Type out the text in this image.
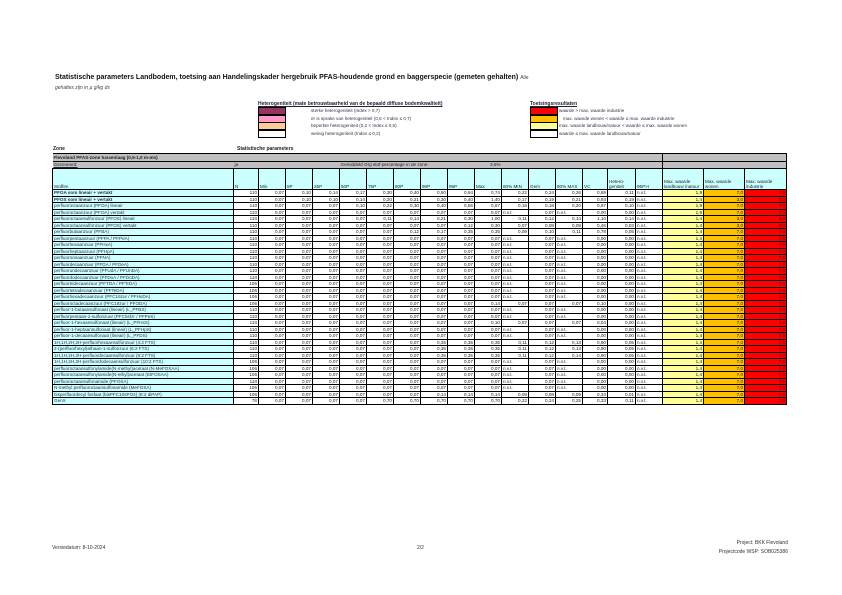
Statistische parameters Landbodem, toetsing aan Handelingskader hergebruik PFAS-houdende grond en baggerspecie (gemeten gehalten) Alle
gehaltes zijn in µ g/kg ds
Heterogeniteit (mate betrouwbaarheid van de bepaald diffuse bodemkwaliteit)
sterke heterogeniteit (Index > 0,7)
er is sprake van heterogeniteit (0,5 < Index ≤ 0,7)
beperkte heterogeniteit (0,2 < Index ≤ 0,5)
weinig heterogeniteit (Index ≤ 0,2)
Toetsingsresultaten
waarde > max. waarde industrie
max. waarde wonen < waarde ≤ max. waarde industrie
max. waarde landbouw/natuur < waarde ≤ max. waarde wonen
waarde ≤ max. waarde landbouw/natuur
Zone	Statistische parameters
Flevoland PFAS-zone tussenlaag (0,5-1,0 m-mv)																			
Gezoneerd:	ja				Gemiddeld Org stof-percentage in de zone:					3,6%									
Stoffen	N	Min	5P	25P	50P	75P	80P	90P	95P	Max	80% MIN	Gem	80% MAX	VC	Hetero-geniteit	95P>I	Max. waarde landbouw /natuur	Max. waarde wonen	Max. waarde industrie
PFOA som lineair + vertakt	110	0,07	0,10	0,14	0,17	0,30	0,40	0,50	0,64	0,74	0,22	0,24	0,26	0,69	0,11	n.v.t.	1,9	7,0	7,0
PFOS som lineair + vertakt	110	0,07	0,10	0,10	0,14	0,20	0,21	0,30	0,40	1,40	0,17	0,19	0,21	0,93	0,19	n.v.t.	1,4	3,0	3,0
perfluoroctaanzuur (PFOA) lineair	110	0,07	0,07	0,07	0,10	0,22	0,30	0,40	0,56	0,67	0,16	0,18	0,20	0,87	0,10	n.v.t.	1,9	7,0	7,0
perfluoroctaanzuur (PFOA) vertakt	110	0,07	0,07	0,07	0,07	0,07	0,07	0,07	0,07	0,07	n.v.t.	0,07	n.v.t.	0,00	0,00	n.v.t.	1,9	7,0	7,0
perfluoroctaansulfonzuur (PFOS) lineair	110	0,07	0,07	0,07	0,07	0,11	0,14	0,21	0,30	1,00	0,11	0,12	0,14	1,10	0,14	n.v.t.	1,4	3,0	3,0
perfluoroctaansulfonzuur (PFOS) vertakt	110	0,07	0,07	0,07	0,07	0,07	0,07	0,07	0,12	0,30	0,07	0,08	0,08	0,46	0,03	n.v.t.	1,4	3,0	3,0
perfluorbutaanzuur (PFBA)	110	0,07	0,07	0,07	0,07	0,07	0,12	0,17	0,35	0,35	0,09	0,10	0,11	0,78	0,05	n.v.t.	1,4	7,0	7,0
perfluorpentaanzuur (PFPA / PFPeA)	110	0,07	0,07	0,07	0,07	0,07	0,07	0,07	0,07	0,07	n.v.t.	0,07	n.v.t.	0,00	0,00	n.v.t.	1,4	7,0	7,0
perfluorhexaanzuur (PFHxA)	110	0,07	0,07	0,07	0,07	0,07	0,07	0,07	0,07	0,07	n.v.t.	0,07	n.v.t.	0,00	0,00	n.v.t.	1,4	7,0	7,0
perfluorheptaanzuur (PFHpA)	110	0,07	0,07	0,07	0,07	0,07	0,07	0,07	0,07	0,07	n.v.t.	0,07	n.v.t.	0,00	0,00	n.v.t.	1,4	7,0	7,0
perfluornonaanzuur (PFNA)	110	0,07	0,07	0,07	0,07	0,07	0,07	0,07	0,07	0,07	n.v.t.	0,07	n.v.t.	0,00	0,00	n.v.t.	1,4	7,0	7,0
perfluordecaanzuur (PFDA / PFDeA)	110	0,07	0,07	0,07	0,07	0,07	0,07	0,07	0,07	0,07	n.v.t.	0,07	n.v.t.	0,00	0,00	n.v.t.	1,4	7,0	7,0
perfluorundecaanzuur (PFUdA / PFUnDA)	110	0,07	0,07	0,07	0,07	0,07	0,07	0,07	0,07	0,07	n.v.t.	0,07	n.v.t.	0,00	0,00	n.v.t.	1,4	7,0	7,0
perfluordodecaanzuur (PFDoA / PFDoDA)	110	0,07	0,07	0,07	0,07	0,07	0,07	0,07	0,07	0,07	n.v.t.	0,07	n.v.t.	0,00	0,00	n.v.t.	1,4	7,0	7,0
perfluortridecaanzuur (PFTDA / PFTrDA)	106	0,07	0,07	0,07	0,07	0,07	0,07	0,07	0,07	0,07	n.v.t.	0,07	n.v.t.	0,00	0,00	n.v.t.	1,4	7,0	7,0
perfluortetradecaanzuur (PFTeDA)	106	0,07	0,07	0,07	0,07	0,07	0,07	0,07	0,07	0,07	n.v.t.	0,07	n.v.t.	0,00	0,00	n.v.t.	1,4	7,0	7,0
perfluorhexadecaanzuur (PFC16zur / PFHxDA)	106	0,07	0,07	0,07	0,07	0,07	0,07	0,07	0,07	0,07	n.v.t.	0,07	n.v.t.	0,00	0,00	n.v.t.	1,4	7,0	7,0
perfluoroctadecaanzuur (PFC18zur / PFODA)	106	0,07	0,07	0,07	0,07	0,07	0,07	0,07	0,07	0,14	0,07	0,07	0,07	0,10	0,00	n.v.t.	1,4	7,0	7,0
perfluor-1-butaansulfonaat (lineair) (L_PFBS)	110	0,07	0,07	0,07	0,07	0,07	0,07	0,07	0,07	0,07	n.v.t.	0,07	n.v.t.	0,00	0,00	n.v.t.	1,4	7,0	7,0
perfluorpentaan-1-sulfonzuur (PFC5sfzr / PFPeS)	110	0,07	0,07	0,07	0,07	0,07	0,07	0,07	0,07	0,07	n.v.t.	0,07	n.v.t.	0,00	0,00	n.v.t.	1,4	7,0	7,0
perfluor-1-hexaansulfonaat (lineair) (L_PFHxS)	110	0,07	0,07	0,07	0,07	0,07	0,07	0,07	0,07	0,10	0,07	0,07	0,07	0,04	0,00	n.v.t.	1,4	7,0	7,0
perfluor-1-heptaansulfonaat (lineair) (L_PFHpS)	110	0,07	0,07	0,07	0,07	0,07	0,07	0,07	0,07	0,07	n.v.t.	0,07	n.v.t.	0,00	0,00	n.v.t.	1,4	7,0	7,0
perfluor-1-decaansulfonaat (lineair) (L_PFDS)	110	0,07	0,07	0,07	0,07	0,07	0,07	0,07	0,07	0,07	n.v.t.	0,07	n.v.t.	0,00	0,00	n.v.t.	1,4	7,0	7,0
1H,1H,2H,2H-perfluorhexaansulfonzuur (4:2 FTS)	110	0,07	0,07	0,07	0,07	0,07	0,07	0,35	0,35	0,35	0,11	0,12	0,13	0,90	0,05	n.v.t.	1,4	7,0	7,0
2-(perfluorhexyl)ethaan-1-sulfonzuur (6:2 FTS)	110	0,07	0,07	0,07	0,07	0,07	0,07	0,35	0,35	0,35	0,11	0,12	0,13	0,90	0,05	n.v.t.	1,4	7,0	7,0
1H,1H,2H,2H-perfluordecaansulfonzuur (8:2 FTS)	110	0,07	0,07	0,07	0,07	0,07	0,07	0,35	0,35	0,35	0,11	0,12	0,14	0,90	0,05	n.v.t.	1,4	7,0	7,0
1H,1H,2H,2H-perfluordodecaansulfonzuur (10:2 FTS)	106	0,07	0,07	0,07	0,07	0,07	0,07	0,07	0,07	0,07	n.v.t.	0,07	n.v.t.	0,00	0,00	n.v.t.	1,4	7,0	7,0
perfluoroctaansulfonylamide(N-methyl)acetaat (N-MeFOSAA)	106	0,07	0,07	0,07	0,07	0,07	0,07	0,07	0,07	0,07	n.v.t.	0,07	n.v.t.	0,00	0,00	n.v.t.	1,4	7,0	7,0
perfluoroctaansulfonylamide(N-ethyl)acetaat (EtFOSAA)	106	0,07	0,07	0,07	0,07	0,07	0,07	0,07	0,07	0,07	n.v.t.	0,07	n.v.t.	0,00	0,00	n.v.t.	1,4	7,0	7,0
perfluoroctaansulfonamide (PFOSA)	110	0,07	0,07	0,07	0,07	0,07	0,07	0,07	0,07	0,07	n.v.t.	0,07	n.v.t.	0,00	0,00	n.v.t.	1,4	7,0	7,0
N-methyl perfluoroctaansulfonamide (MeFOSA)	106	0,07	0,07	0,07	0,07	0,07	0,07	0,07	0,07	0,07	n.v.t.	0,07	n.v.t.	0,00	0,00	n.v.t.	1,4	7,0	7,0
bisperfluordecyl fosfaat (bisPFC10sPO4) (8:2 diPAP)	106	0,07	0,07	0,07	0,07	0,07	0,07	0,14	0,14	0,14	0,08	0,08	0,09	0,33	0,01	n.v.t.	1,4	7,0	7,0
GenX	78	0,07	0,07	0,07	0,07	0,70	0,70	0,70	0,70	0,70	0,22	0,24	0,25	0,33	0,11	n.v.t.	1,4	7,0	7,0
Versiedatum: 8-10-2024	2/2
Project: BKK Flevoland
Projectcode WSP: SOB025386
